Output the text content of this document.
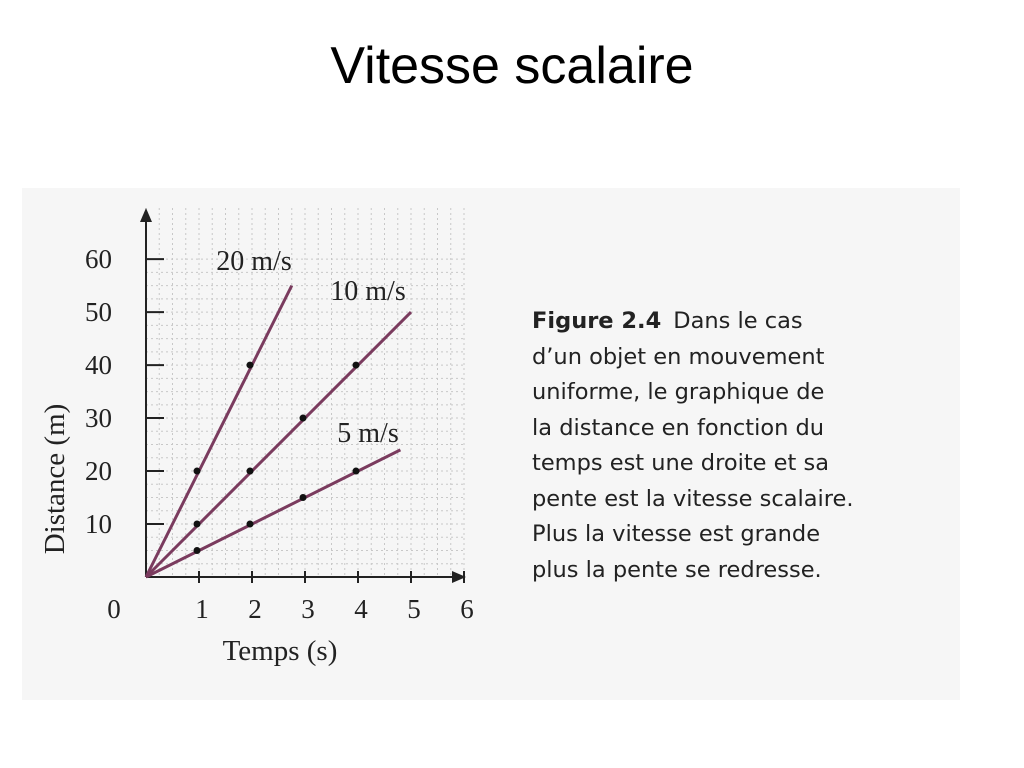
Vitesse scalaire
20 m/s
10 m/s
5 m/s
0	1 2 3 4 5 6
10
20
30
40
50
60
Temps (s)
Distance (m)
Figure 2.4 Dans le cas
d’un objet en mouvement
uniforme, le graphique de
la distance en fonction du
temps est une droite et sa
pente est la vitesse scalaire.
Plus la vitesse est grande
plus la pente se redresse.
